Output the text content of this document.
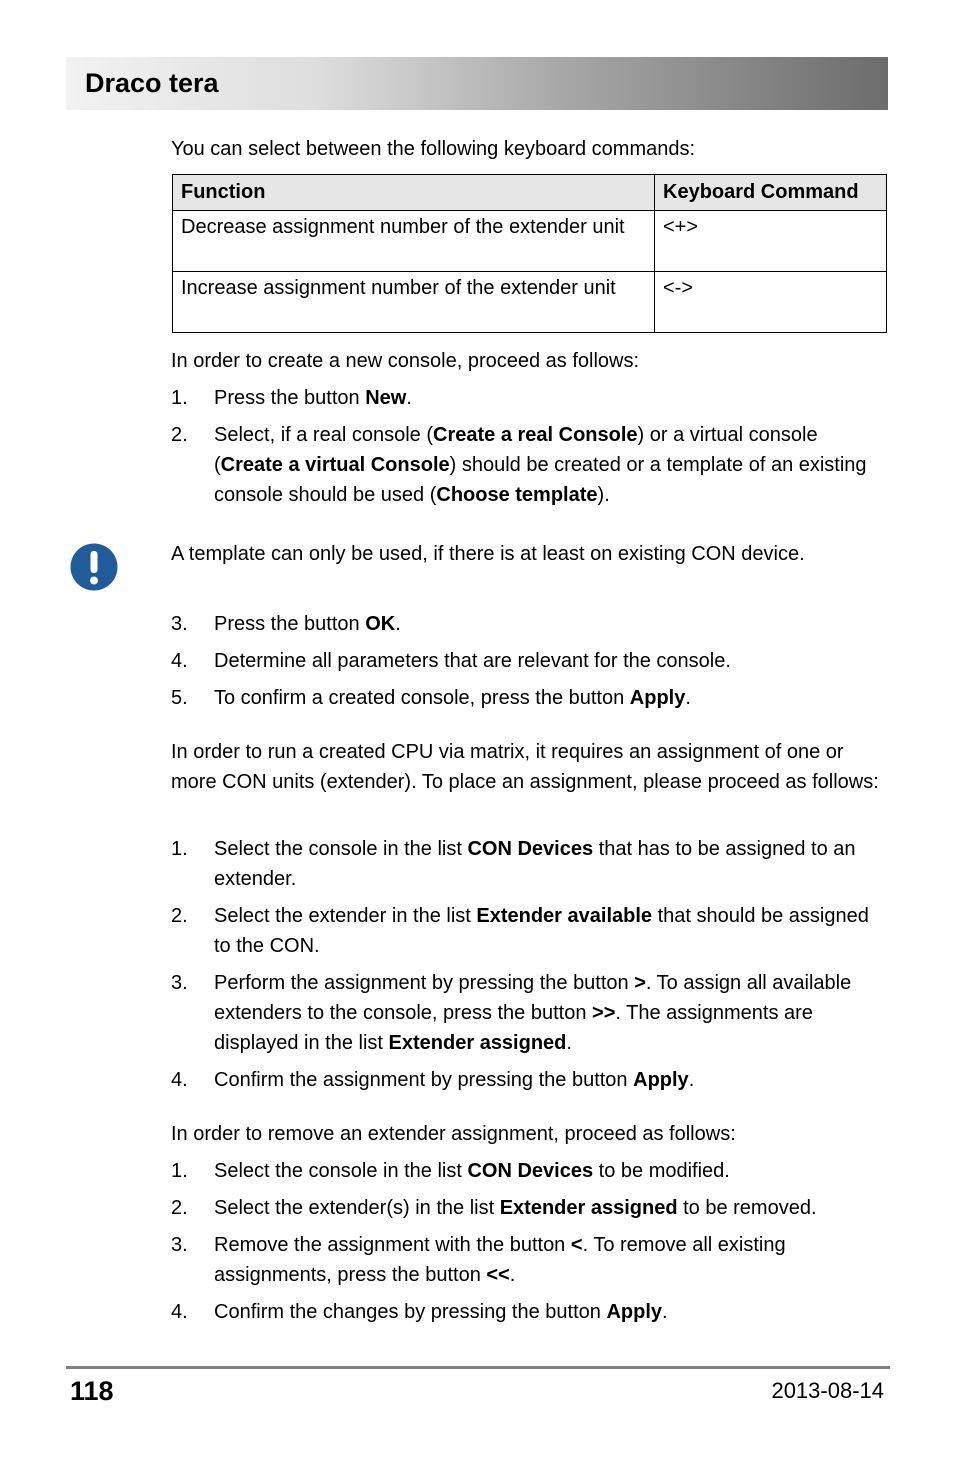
Draco tera

You can select between the following keyboard commands:

Function	Keyboard Command
Decrease assignment number of the extender unit	<+>
Increase assignment number of the extender unit	<->

In order to create a new console, proceed as follows:

1. Press the button New.
2. Select, if a real console (Create a real Console) or a virtual console (Create a virtual Console) should be created or a template of an existing console should be used (Choose template).

A template can only be used, if there is at least on existing CON device.

3. Press the button OK.
4. Determine all parameters that are relevant for the console.
5. To confirm a created console, press the button Apply.

In order to run a created CPU via matrix, it requires an assignment of one or more CON units (extender). To place an assignment, please proceed as follows:

1. Select the console in the list CON Devices that has to be assigned to an extender.
2. Select the extender in the list Extender available that should be assigned to the CON.
3. Perform the assignment by pressing the button >. To assign all available extenders to the console, press the button >>. The assignments are displayed in the list Extender assigned.
4. Confirm the assignment by pressing the button Apply.

In order to remove an extender assignment, proceed as follows:

1. Select the console in the list CON Devices to be modified.
2. Select the extender(s) in the list Extender assigned to be removed.
3. Remove the assignment with the button <. To remove all existing assignments, press the button <<.
4. Confirm the changes by pressing the button Apply.
118	2013-08-14
